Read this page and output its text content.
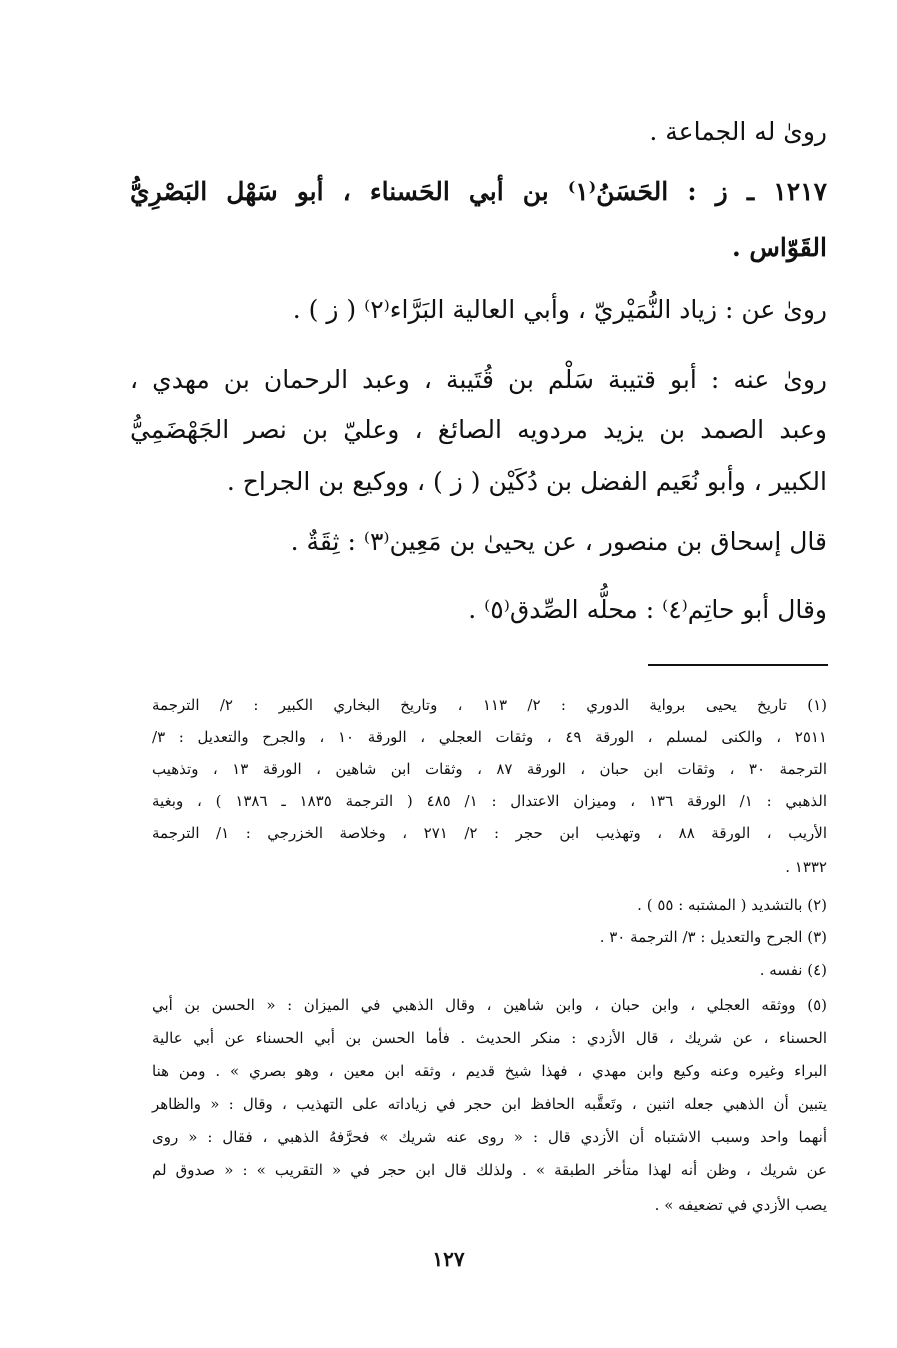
رویٰ له الجماعة .
١٢١٧ ـ ز : الحَسَنُ⁽١⁾ بن أبي الحَسناء ، أبو سَهْل البَصْرِيُّ
القَوّاس .
رویٰ عن : زياد النُّمَيْريّ ، وأبي العالية البَرَّاء⁽٢⁾ ( ز ) .
رویٰ عنه : أبو قتيبة سَلْم بن قُتَيبة ، وعبد الرحمان بن مهدي ،
وعبد الصمد بن يزيد مردويه الصائغ ، وعليّ بن نصر الجَهْضَمِيُّ
الكبير ، وأبو نُعَيم الفضل بن دُكَيْن ( ز ) ، ووكيع بن الجراح .
قال إسحاق بن منصور ، عن يحيىٰ بن مَعِين⁽٣⁾ : ثِقَةٌ .
وقال أبو حاتِم⁽٤⁾ : محلُّه الصِّدق⁽٥⁾ .
(١) تاريخ يحيى برواية الدوري : ٢/ ١١٣ ، وتاريخ البخاري الكبير : ٢/ الترجمة
٢٥١١ ، والكنى لمسلم ، الورقة ٤٩ ، وثقات العجلي ، الورقة ١٠ ، والجرح والتعديل : ٣/
الترجمة ٣٠ ، وثقات ابن حبان ، الورقة ٨٧ ، وثقات ابن شاهين ، الورقة ١٣ ، وتذهيب
الذهبي : ١/ الورقة ١٣٦ ، وميزان الاعتدال : ١/ ٤٨٥ ( الترجمة ١٨٣٥ ـ ١٣٨٦ ) ، وبغية
الأريب ، الورقة ٨٨ ، وتهذيب ابن حجر : ٢/ ٢٧١ ، وخلاصة الخزرجي : ١/ الترجمة
١٣٣٢ .
(٢) بالتشديد ( المشتبه : ٥٥ ) .
(٣) الجرح والتعديل : ٣/ الترجمة ٣٠ .
(٤) نفسه .
(٥) ووثقه العجلي ، وابن حبان ، وابن شاهين ، وقال الذهبي في الميزان : « الحسن بن أبي
الحسناء ، عن شريك ، قال الأزدي : منكر الحديث . فأما الحسن بن أبي الحسناء عن أبي عالية
البراء وغيره وعنه وكيع وابن مهدي ، فهذا شيخ قديم ، وثقه ابن معين ، وهو بصري » . ومن هنا
يتبين أن الذهبي جعله اثنين ، وتَعقَّبه الحافظ ابن حجر في زياداته على التهذيب ، وقال : « والظاهر
أنهما واحد وسبب الاشتباه أن الأزدي قال : « روى عنه شريك » فحرَّفهُ الذهبي ، فقال : « روى
عن شريك ، وظن أنه لهذا متأخر الطبقة » . ولذلك قال ابن حجر في « التقريب » : « صدوق لم
يصب الأزدي في تضعيفه » .
١٢٧
